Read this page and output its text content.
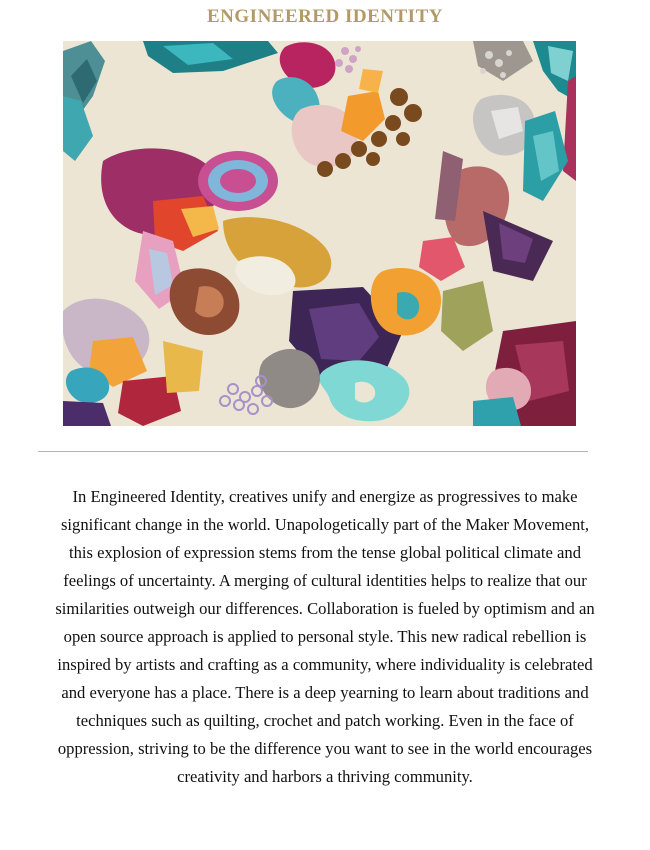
ENGINEERED IDENTITY

In Engineered Identity, creatives unify and energize as progressives to make significant change in the world. Unapologetically part of the Maker Movement, this explosion of expression stems from the tense global political climate and feelings of uncertainty. A merging of cultural identities helps to realize that our similarities outweigh our differences. Collaboration is fueled by optimism and an open source approach is applied to personal style. This new radical rebellion is inspired by artists and crafting as a community, where individuality is celebrated and everyone has a place. There is a deep yearning to learn about traditions and techniques such as quilting, crochet and patch working. Even in the face of oppression, striving to be the difference you want to see in the world encourages creativity and harbors a thriving community.
